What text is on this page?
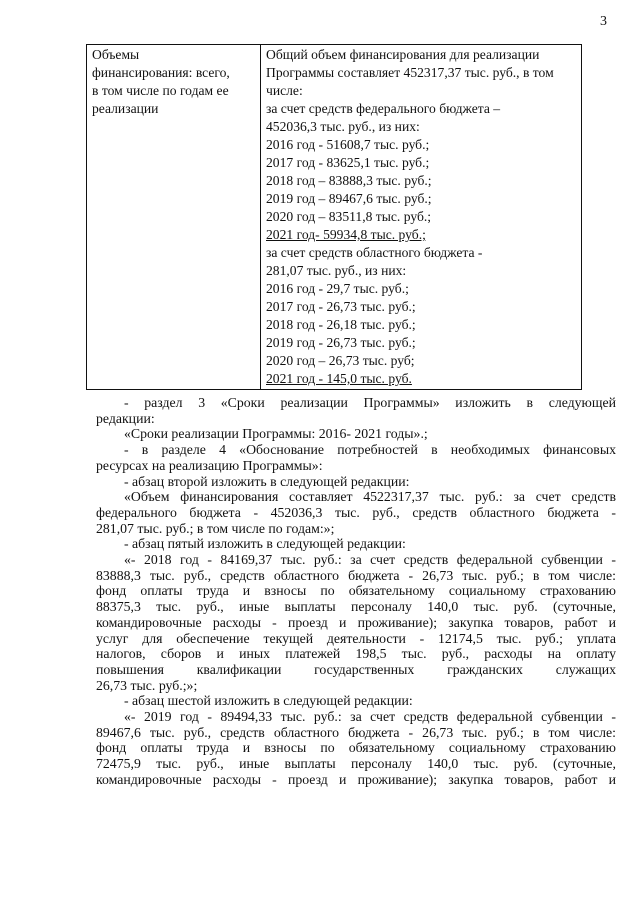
3
Объемы
финансирования: всего,
в том числе по годам ее
реализации

Общий объем финансирования для реализации
Программы составляет 452317,37 тыс. руб., в том
числе:
за счет средств федерального бюджета –
452036,3 тыс. руб., из них:
2016 год - 51608,7 тыс. руб.;
2017 год - 83625,1 тыс. руб.;
2018 год – 83888,3 тыс. руб.;
2019 год – 89467,6 тыс. руб.;
2020 год – 83511,8 тыс. руб.;
2021 год- 59934,8 тыс. руб.;
за счет средств областного бюджета -
281,07 тыс. руб., из них:
2016 год - 29,7 тыс. руб.;
2017 год - 26,73 тыс. руб.;
2018 год - 26,18 тыс. руб.;
2019 год - 26,73 тыс. руб.;
2020 год – 26,73 тыс. руб;
2021 год - 145,0 тыс. руб.

- раздел 3 «Сроки реализации Программы» изложить в следующей

редакции:

«Сроки реализации Программы: 2016- 2021 годы».;

- в разделе 4 «Обоснование потребностей в необходимых финансовых

ресурсах на реализацию Программы»:

- абзац второй изложить в следующей редакции:

«Объем финансирования составляет 4522317,37 тыс. руб.: за счет средств

федерального бюджета - 452036,3 тыс. руб., средств областного бюджета -

281,07 тыс. руб.; в том числе по годам:»;

- абзац пятый изложить в следующей редакции:

«- 2018 год - 84169,37 тыс. руб.: за счет средств федеральной субвенции -

83888,3 тыс. руб., средств областного бюджета - 26,73 тыс. руб.; в том числе:

фонд оплаты труда и взносы по обязательному социальному страхованию

88375,3 тыс. руб., иные выплаты персоналу 140,0 тыс. руб. (суточные,

командировочные расходы - проезд и проживание); закупка товаров, работ и

услуг для обеспечение текущей деятельности - 12174,5 тыс. руб.; уплата

налогов, сборов и иных платежей 198,5 тыс. руб., расходы на оплату

повышения квалификации государственных гражданских служащих

26,73 тыс. руб.;»;

- абзац шестой изложить в следующей редакции:

«- 2019 год - 89494,33 тыс. руб.: за счет средств федеральной субвенции -

89467,6 тыс. руб., средств областного бюджета - 26,73 тыс. руб.; в том числе:

фонд оплаты труда и взносы по обязательному социальному страхованию

72475,9 тыс. руб., иные выплаты персоналу 140,0 тыс. руб. (суточные,

командировочные расходы - проезд и проживание); закупка товаров, работ и
